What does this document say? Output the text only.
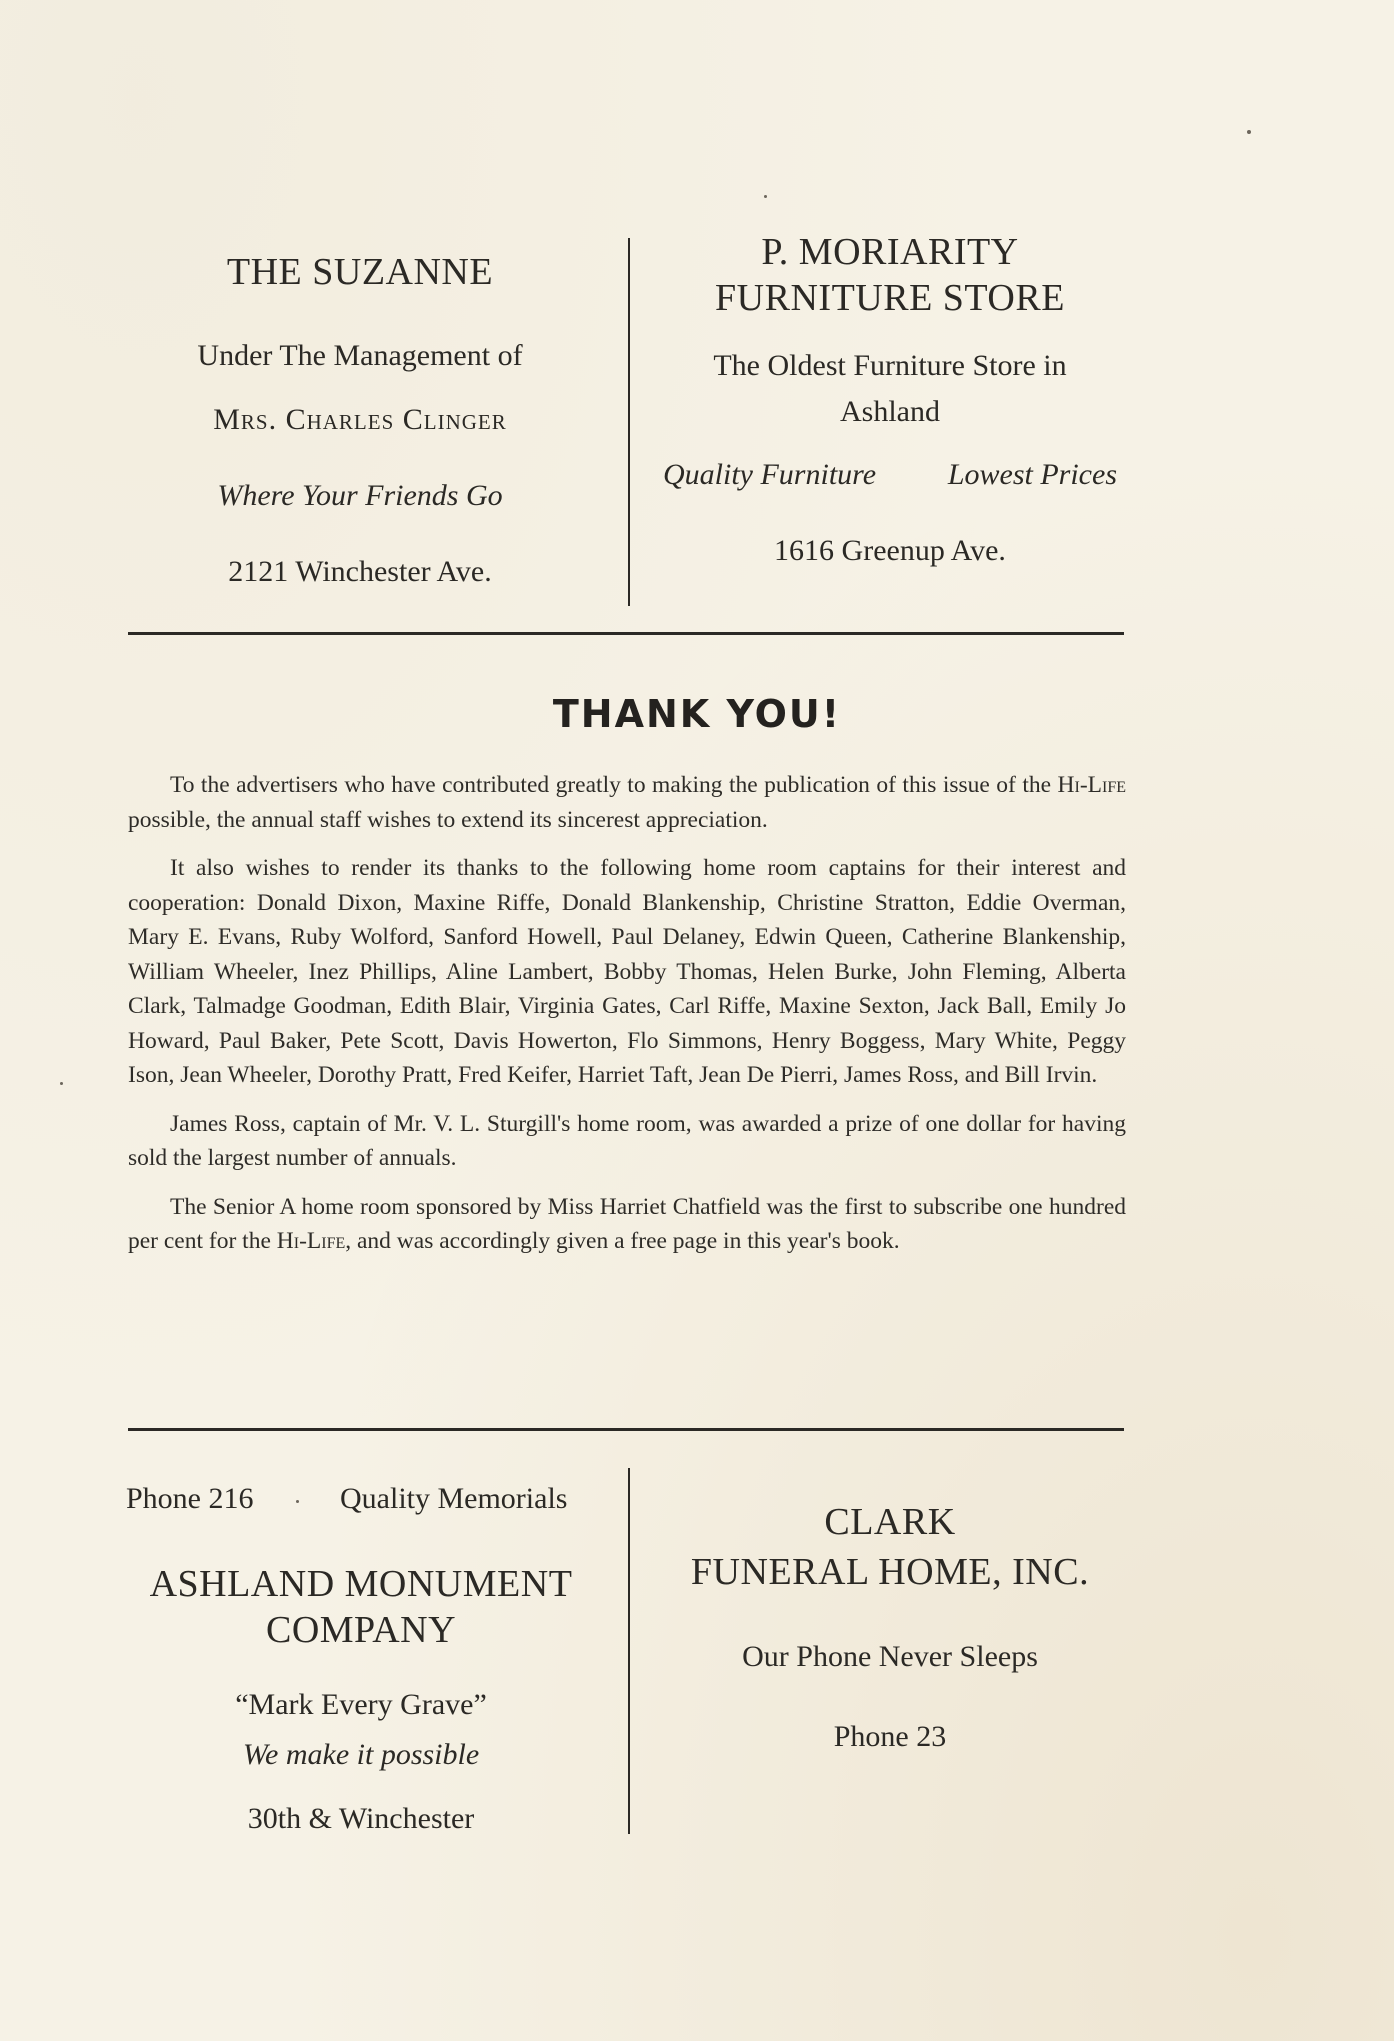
THE SUZANNE
Under The Management of
Mrs. Charles Clinger
Where Your Friends Go
2121 Winchester Ave.
P. MORIARITY
FURNITURE STORE
The Oldest Furniture Store in Ashland
Quality Furniture Lowest Prices
1616 Greenup Ave.
THANK YOU!

To the advertisers who have contributed greatly to making the publication of this issue of the Hi-Life possible, the annual staff wishes to extend its sincerest appreciation.

It also wishes to render its thanks to the following home room captains for their interest and cooperation: Donald Dixon, Maxine Riffe, Donald Blankenship, Christine Stratton, Eddie Overman, Mary E. Evans, Ruby Wolford, Sanford Howell, Paul Delaney, Edwin Queen, Catherine Blankenship, William Wheeler, Inez Phillips, Aline Lambert, Bobby Thomas, Helen Burke, John Fleming, Alberta Clark, Talmadge Goodman, Edith Blair, Virginia Gates, Carl Riffe, Maxine Sexton, Jack Ball, Emily Jo Howard, Paul Baker, Pete Scott, Davis Howerton, Flo Simmons, Henry Boggess, Mary White, Peggy Ison, Jean Wheeler, Dorothy Pratt, Fred Keifer, Harriet Taft, Jean De Pierri, James Ross, and Bill Irvin.

James Ross, captain of Mr. V. L. Sturgill's home room, was awarded a prize of one dollar for having sold the largest number of annuals.

The Senior A home room sponsored by Miss Harriet Chatfield was the first to subscribe one hundred per cent for the Hi-Life, and was accordingly given a free page in this year's book.

Phone 216	Quality Memorials
ASHLAND MONUMENT
COMPANY
“Mark Every Grave”
We make it possible
30th & Winchester
CLARK
FUNERAL HOME, INC.
Our Phone Never Sleeps
Phone 23
